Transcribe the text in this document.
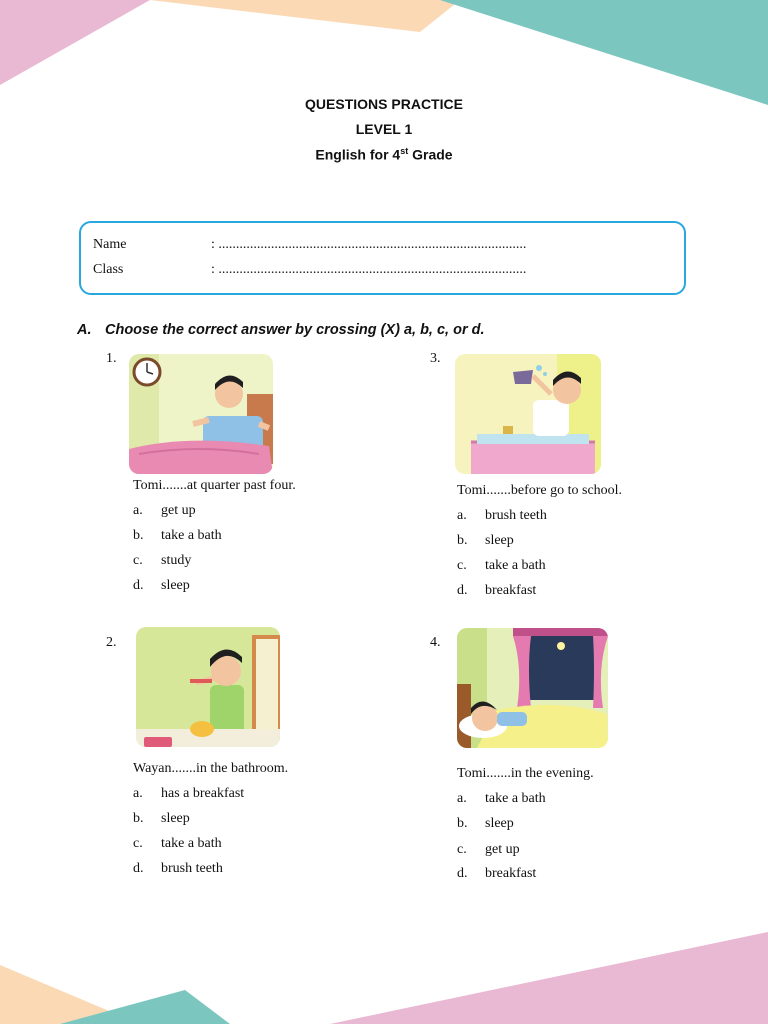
QUESTIONS PRACTICE
LEVEL 1
English for 4st Grade
Name	: ........................................................................................
Class	: ........................................................................................
A. Choose the correct answer by crossing (X) a, b, c, or d.
1.
Tomi.......at quarter past four.
a. get up
b. take a bath
c. study
d. sleep
2.
Wayan.......in the bathroom.
a. has a breakfast
b. sleep
c. take a bath
d. brush teeth
3.
Tomi.......before go to school.
a. brush teeth
b. sleep
c. take a bath
d. breakfast
4.
Tomi.......in the evening.
a. take a bath
b. sleep
c. get up
d. breakfast
